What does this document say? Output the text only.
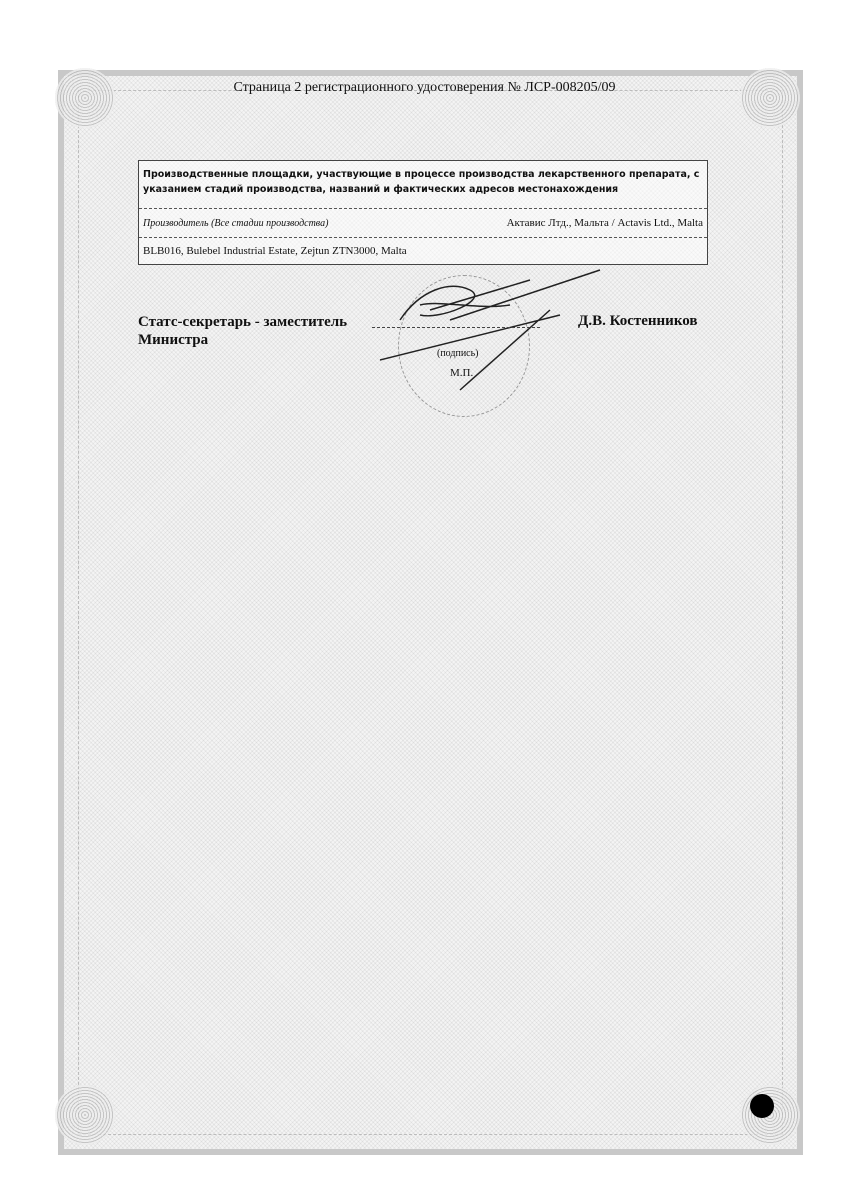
Страница 2 регистрационного удостоверения № ЛСР-008205/09
Производственные площадки, участвующие в процессе производства лекарственного препарата, с указанием стадий производства, названий и фактических адресов местонахождения
Производитель (Все стадии производства)	Актавис Лтд., Мальта / Actavis Ltd., Malta
BLB016, Bulebel Industrial Estate, Zejtun ZTN3000, Malta
Статс-секретарь - заместитель Министра
Д.В. Костенников
(подпись)
М.П.
